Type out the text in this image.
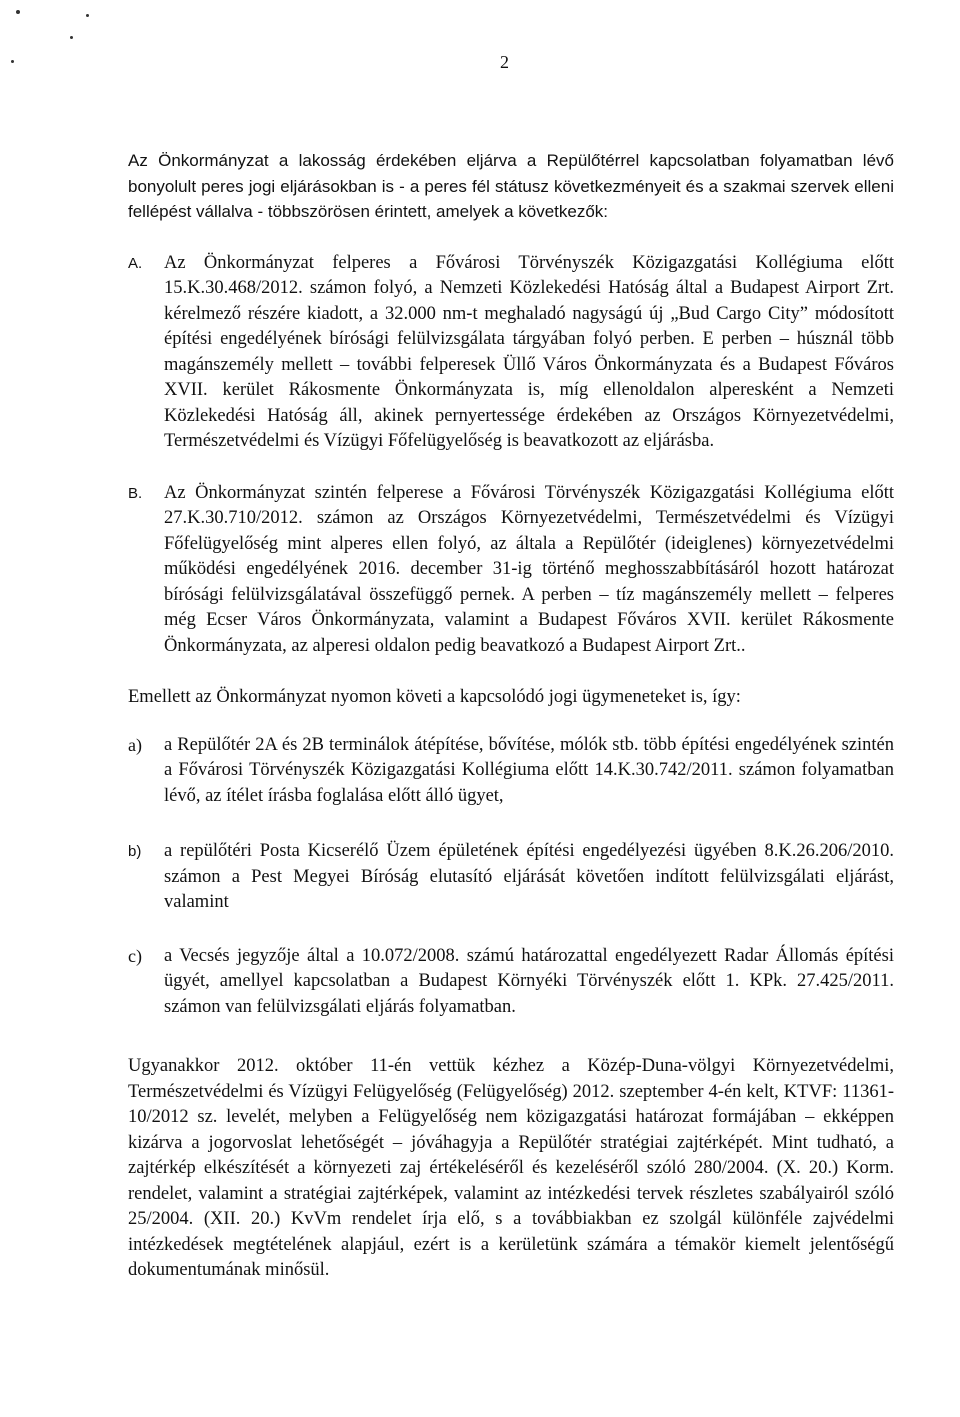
2

Az Önkormányzat a lakosság érdekében eljárva a Repülőtérrel kapcsolatban folyamatban lévő bonyolult peres jogi eljárásokban is - a peres fél státusz következményeit és a szakmai szervek elleni fellépést vállalva - többszörösen érintett, amelyek a következők:

A. Az Önkormányzat felperes a Fővárosi Törvényszék Közigazgatási Kollégiuma előtt 15.K.30.468/2012. számon folyó, a Nemzeti Közlekedési Hatóság által a Budapest Airport Zrt. kérelmező részére kiadott, a 32.000 nm-t meghaladó nagyságú új „Bud Cargo City” módosított építési engedélyének bírósági felülvizsgálata tárgyában folyó perben. E perben – húsznál több magánszemély mellett – további felperesek Üllő Város Önkormányzata és a Budapest Főváros XVII. kerület Rákosmente Önkormányzata is, míg ellenoldalon alperesként a Nemzeti Közlekedési Hatóság áll, akinek pernyertessége érdekében az Országos Környezetvédelmi, Természetvédelmi és Vízügyi Főfelügyelőség is beavatkozott az eljárásba.

B. Az Önkormányzat szintén felperese a Fővárosi Törvényszék Közigazgatási Kollégiuma előtt 27.K.30.710/2012. számon az Országos Környezetvédelmi, Természetvédelmi és Vízügyi Főfelügyelőség mint alperes ellen folyó, az általa a Repülőtér (ideiglenes) környezetvédelmi működési engedélyének 2016. december 31-ig történő meghosszabbításáról hozott határozat bírósági felülvizsgálatával összefüggő pernek. A perben – tíz magánszemély mellett – felperes még Ecser Város Önkormányzata, valamint a Budapest Főváros XVII. kerület Rákosmente Önkormányzata, az alperesi oldalon pedig beavatkozó a Budapest Airport Zrt..

Emellett az Önkormányzat nyomon követi a kapcsolódó jogi ügymeneteket is, így:

a) a Repülőtér 2A és 2B terminálok átépítése, bővítése, mólók stb. több építési engedélyének szintén a Fővárosi Törvényszék Közigazgatási Kollégiuma előtt 14.K.30.742/2011. számon folyamatban lévő, az ítélet írásba foglalása előtt álló ügyet,

b) a repülőtéri Posta Kicserélő Üzem épületének építési engedélyezési ügyében 8.K.26.206/2010. számon a Pest Megyei Bíróság elutasító eljárását követően indított felülvizsgálati eljárást, valamint

c) a Vecsés jegyzője által a 10.072/2008. számú határozattal engedélyezett Radar Állomás építési ügyét, amellyel kapcsolatban a Budapest Környéki Törvényszék előtt 1. KPk. 27.425/2011. számon van felülvizsgálati eljárás folyamatban.

Ugyanakkor 2012. október 11-én vettük kézhez a Közép-Duna-völgyi Környezetvédelmi, Természetvédelmi és Vízügyi Felügyelőség (Felügyelőség) 2012. szeptember 4-én kelt, KTVF: 11361-10/2012 sz. levelét, melyben a Felügyelőség nem közigazgatási határozat formájában – ekképpen kizárva a jogorvoslat lehetőségét – jóváhagyja a Repülőtér stratégiai zajtérképét. Mint tudható, a zajtérkép elkészítését a környezeti zaj értékeléséről és kezeléséről szóló 280/2004. (X. 20.) Korm. rendelet, valamint a stratégiai zajtérképek, valamint az intézkedési tervek részletes szabályairól szóló 25/2004. (XII. 20.) KvVm rendelet írja elő, s a továbbiakban ez szolgál különféle zajvédelmi intézkedések megtételének alapjául, ezért is a kerületünk számára a témakör kiemelt jelentőségű dokumentumának minősül.
